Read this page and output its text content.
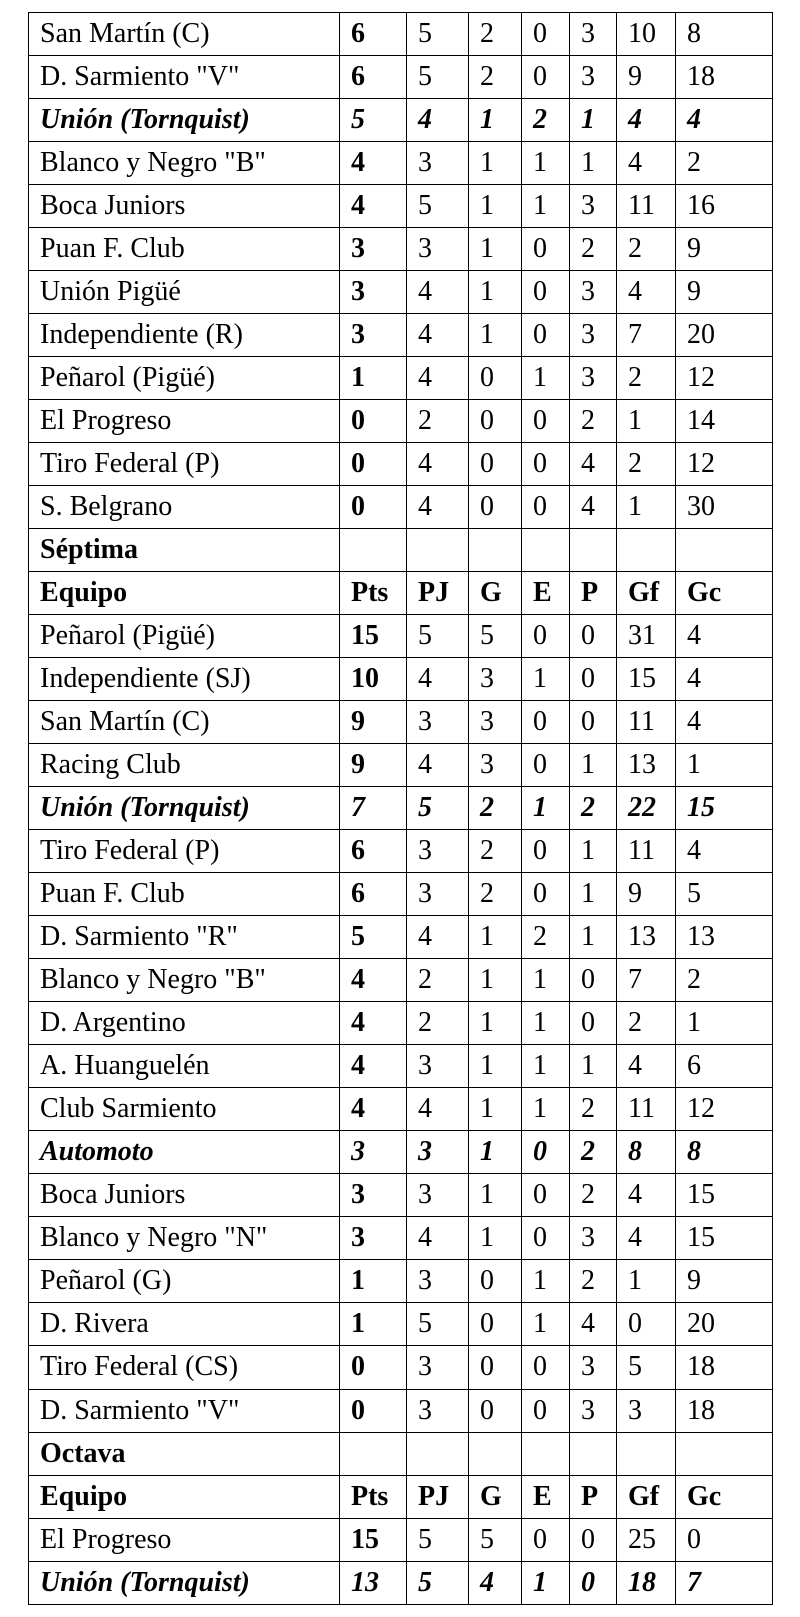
San Martín (C)	6	5	2	0	3	10	8
D. Sarmiento "V"	6	5	2	0	3	9	18
Unión (Tornquist)	5	4	1	2	1	4	4
Blanco y Negro "B"	4	3	1	1	1	4	2
Boca Juniors	4	5	1	1	3	11	16
Puan F. Club	3	3	1	0	2	2	9
Unión Pigüé	3	4	1	0	3	4	9
Independiente (R)	3	4	1	0	3	7	20
Peñarol (Pigüé)	1	4	0	1	3	2	12
El Progreso	0	2	0	0	2	1	14
Tiro Federal (P)	0	4	0	0	4	2	12
S. Belgrano	0	4	0	0	4	1	30
Séptima							
Equipo	Pts	PJ	G	E	P	Gf	Gc
Peñarol (Pigüé)	15	5	5	0	0	31	4
Independiente (SJ)	10	4	3	1	0	15	4
San Martín (C)	9	3	3	0	0	11	4
Racing Club	9	4	3	0	1	13	1
Unión (Tornquist)	7	5	2	1	2	22	15
Tiro Federal (P)	6	3	2	0	1	11	4
Puan F. Club	6	3	2	0	1	9	5
D. Sarmiento "R"	5	4	1	2	1	13	13
Blanco y Negro "B"	4	2	1	1	0	7	2
D. Argentino	4	2	1	1	0	2	1
A. Huanguelén	4	3	1	1	1	4	6
Club Sarmiento	4	4	1	1	2	11	12
Automoto	3	3	1	0	2	8	8
Boca Juniors	3	3	1	0	2	4	15
Blanco y Negro "N"	3	4	1	0	3	4	15
Peñarol (G)	1	3	0	1	2	1	9
D. Rivera	1	5	0	1	4	0	20
Tiro Federal (CS)	0	3	0	0	3	5	18
D. Sarmiento "V"	0	3	0	0	3	3	18
Octava							
Equipo	Pts	PJ	G	E	P	Gf	Gc
El Progreso	15	5	5	0	0	25	0
Unión (Tornquist)	13	5	4	1	0	18	7
